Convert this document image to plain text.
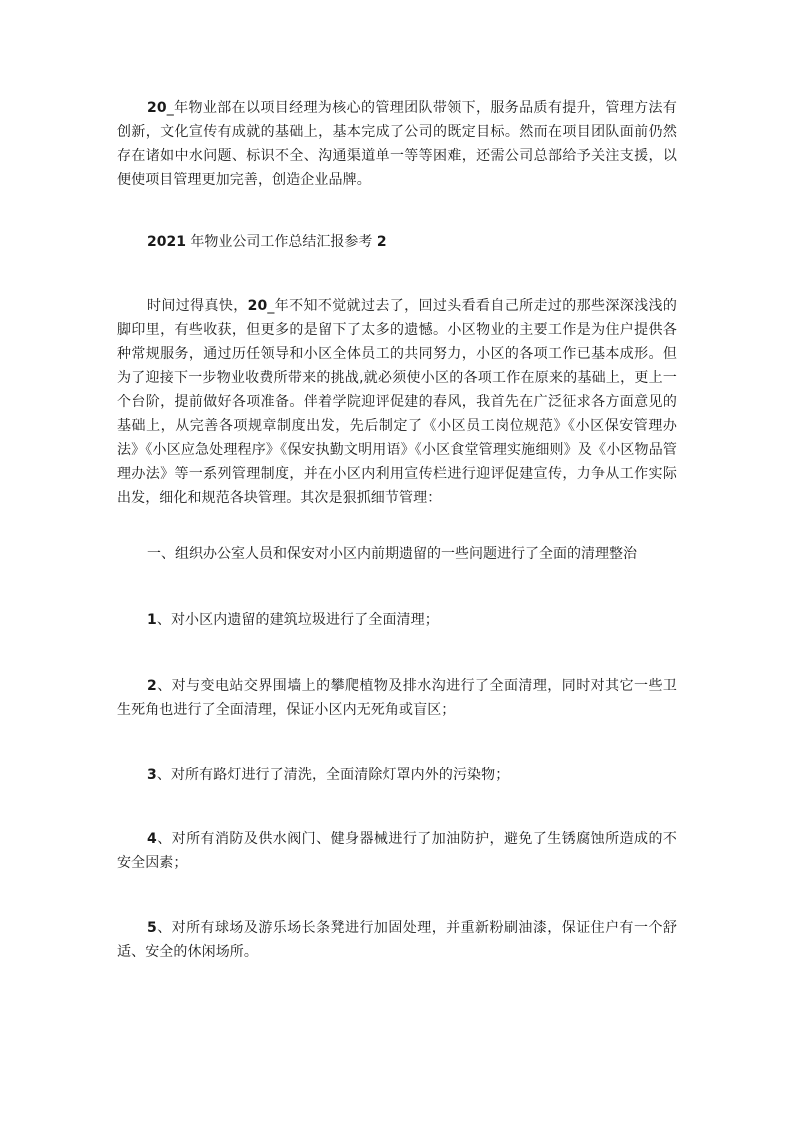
20_年物业部在以项目经理为核心的管理团队带领下，服务品质有提升，管理方法有创新，文化宣传有成就的基础上，基本完成了公司的既定目标。然而在项目团队面前仍然存在诸如中水问题、标识不全、沟通渠道单一等等困难，还需公司总部给予关注支援，以便使项目管理更加完善，创造企业品牌。

2021 年物业公司工作总结汇报参考 2

时间过得真快，20_年不知不觉就过去了，回过头看看自己所走过的那些深深浅浅的脚印里，有些收获，但更多的是留下了太多的遗憾。小区物业的主要工作是为住户提供各种常规服务，通过历任领导和小区全体员工的共同努力，小区的各项工作已基本成形。但为了迎接下一步物业收费所带来的挑战,就必须使小区的各项工作在原来的基础上，更上一个台阶，提前做好各项准备。伴着学院迎评促建的春风，我首先在广泛征求各方面意见的基础上，从完善各项规章制度出发，先后制定了《小区员工岗位规范》《小区保安管理办法》《小区应急处理程序》《保安执勤文明用语》《小区食堂管理实施细则》及《小区物品管理办法》等一系列管理制度，并在小区内利用宣传栏进行迎评促建宣传，力争从工作实际出发，细化和规范各块管理。其次是狠抓细节管理：

一、组织办公室人员和保安对小区内前期遗留的一些问题进行了全面的清理整治

1、对小区内遗留的建筑垃圾进行了全面清理；

2、对与变电站交界围墙上的攀爬植物及排水沟进行了全面清理，同时对其它一些卫生死角也进行了全面清理，保证小区内无死角或盲区；

3、对所有路灯进行了清洗，全面清除灯罩内外的污染物；

4、对所有消防及供水阀门、健身器械进行了加油防护，避免了生锈腐蚀所造成的不安全因素；

5、对所有球场及游乐场长条凳进行加固处理，并重新粉刷油漆，保证住户有一个舒适、安全的休闲场所。
